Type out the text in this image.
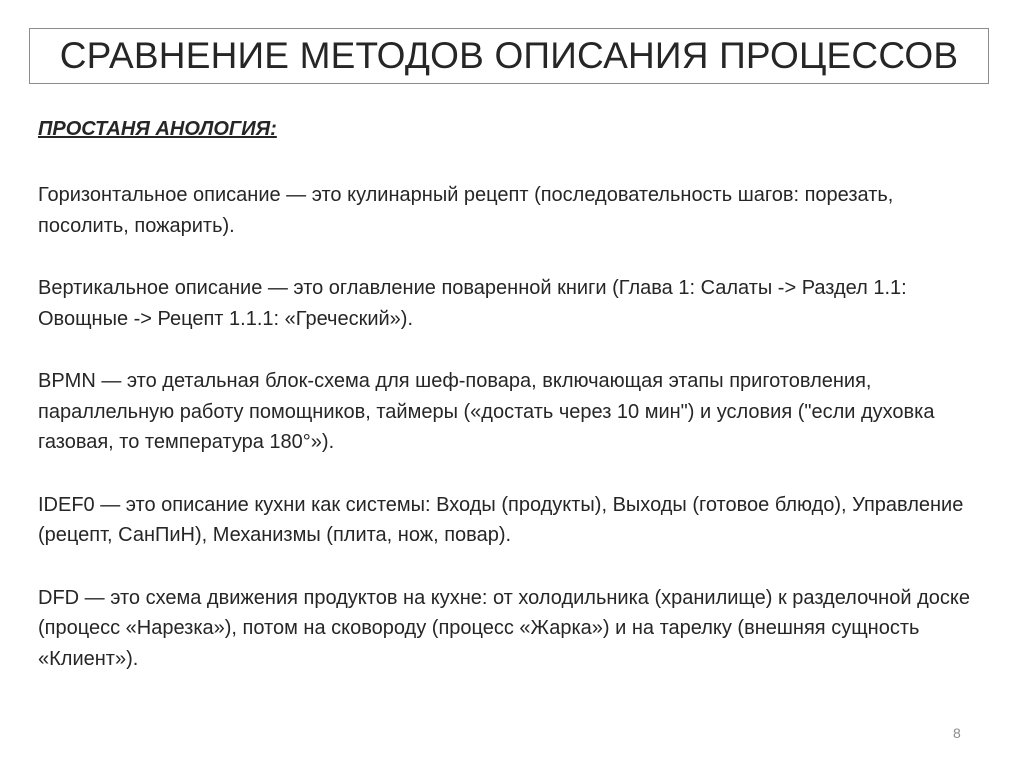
СРАВНЕНИЕ МЕТОДОВ ОПИСАНИЯ ПРОЦЕССОВ

ПРОСТАНЯ АНОЛОГИЯ:

Горизонтальное описание — это кулинарный рецепт (последовательность шагов: порезать, посолить, пожарить).

Вертикальное описание — это оглавление поваренной книги (Глава 1: Салаты -> Раздел 1.1: Овощные -> Рецепт 1.1.1: «Греческий»).

BPMN — это детальная блок-схема для шеф-повара, включающая этапы приготовления, параллельную работу помощников, таймеры («достать через 10 мин") и условия ("если духовка газовая, то температура 180°»).

IDEF0 — это описание кухни как системы: Входы (продукты), Выходы (готовое блюдо), Управление (рецепт, СанПиН), Механизмы (плита, нож, повар).

DFD — это схема движения продуктов на кухне: от холодильника (хранилище) к разделочной доске (процесс «Нарезка»), потом на сковороду (процесс «Жарка») и на тарелку (внешняя сущность «Клиент»).

8
